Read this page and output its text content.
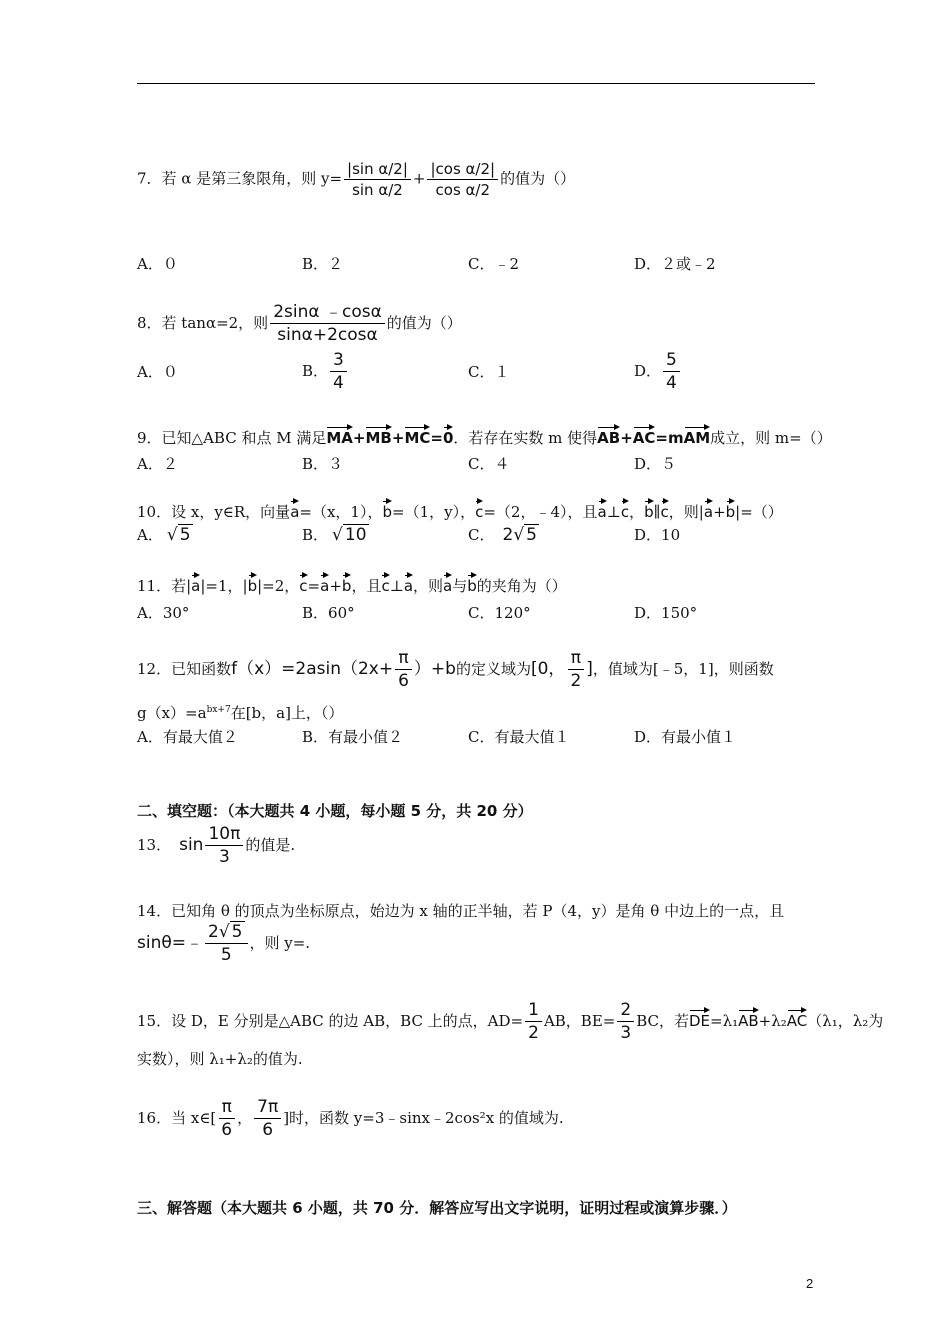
7．若 α 是第三象限角，则 $y= \frac{\text{|sin α/2|}}{\text{sin α/2}} + \frac{\text{|cos α/2|}}{\text{cos α/2}}$ 的值为（）
A．０	B．２	C．﹣2	D．２或﹣2
8．若 tanα=2，则 $\frac{2\sin\alpha ﹣\cos\alpha}{\sin\alpha+2\cos\alpha}$ 的值为（）
A．０	B． $\frac{3}{4}$	C．１	D． $\frac{5}{4}$
9．已知△ABC 和点 M 满足MA+MB+MC=0．若存在实数 m 使得AB+AC=mAM成立，则 m=（）
A．２	B．３	C．４	D．５
10．设 x，y∈R，向量a=（x，1），b=（1，y），c=（2，﹣4），且a⊥c，b∥c，则|a+b|=（）
A． √ 5	B． √ 10	C． 2√ 5	D．10
11．若|a|=1，|b|=2，c=a+b，且c⊥a，则a与b的夹角为（）
A．30°	B．60°	C．120°	D．150°
12．已知函数$f(x)=2asin(2x+ \frac{\pi}{6} )+b$的定义域为[0， $\frac{\pi}{2}$ ]，值域为[﹣5，1]，则函数
$g(x)=a^{bx+7}$在[b，a]上，（）
A．有最大值２	B．有最小值２	C．有最大值１	D．有最小值１
二、填空题：（本大题共 4 小题，每小题 5 分，共 20 分）
13． $\sin \frac{10\pi}{3}$ 的值是.
14．已知角 θ 的顶点为坐标原点，始边为 x 轴的正半轴，若 P（4，y）是角 θ 中边上的一点，且
sinθ=﹣ $\frac{2√ 5}{5}$ ，则 y=.
15．设 D，E 分别是△ABC 的边 AB，BC 上的点，$AD= \frac{1}{2}$ AB，$BE= \frac{2}{3}$ BC，若DE=λ₁AB+λ₂AC（λ₁，λ₂为
实数），则 λ₁+λ₂的值为.
16．当 x∈[ $\frac{\pi}{6}$ ， $\frac{7\pi}{6}$ ]时，函数 y=3﹣sinx﹣2cos²x 的值域为.
三、解答题（本大题共 6 小题，共 70 分．解答应写出文字说明，证明过程或演算步骤．）
2
